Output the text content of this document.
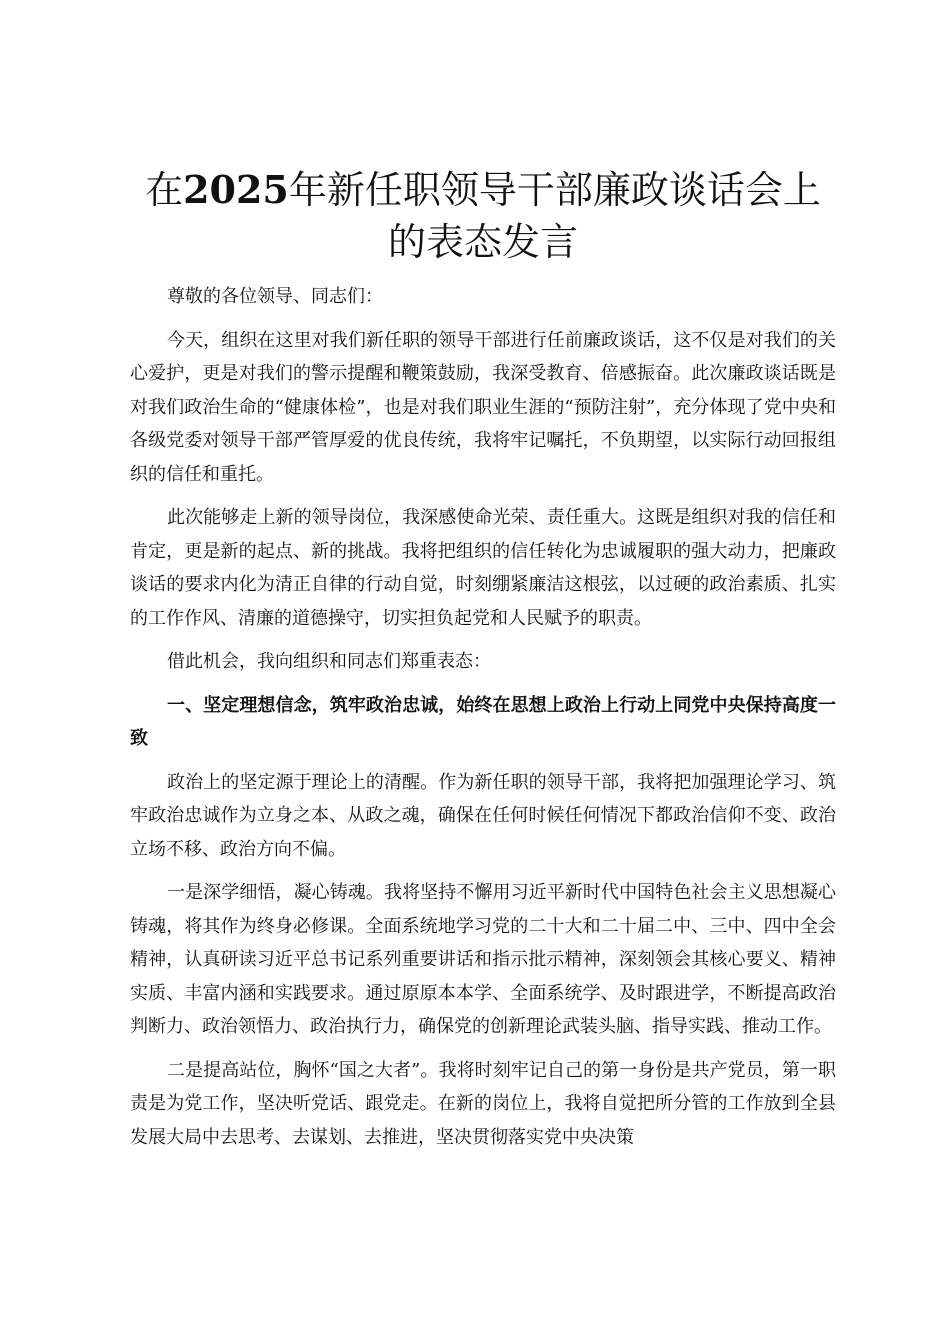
在2025年新任职领导干部廉政谈话会上的表态发言

尊敬的各位领导、同志们：

今天，组织在这里对我们新任职的领导干部进行任前廉政谈话，这不仅是对我们的关心爱护，更是对我们的警示提醒和鞭策鼓励，我深受教育、倍感振奋。此次廉政谈话既是对我们政治生命的“健康体检”，也是对我们职业生涯的“预防注射”，充分体现了党中央和各级党委对领导干部严管厚爱的优良传统，我将牢记嘱托，不负期望，以实际行动回报组织的信任和重托。

此次能够走上新的领导岗位，我深感使命光荣、责任重大。这既是组织对我的信任和肯定，更是新的起点、新的挑战。我将把组织的信任转化为忠诚履职的强大动力，把廉政谈话的要求内化为清正自律的行动自觉，时刻绷紧廉洁这根弦，以过硬的政治素质、扎实的工作作风、清廉的道德操守，切实担负起党和人民赋予的职责。

借此机会，我向组织和同志们郑重表态：

一、坚定理想信念，筑牢政治忠诚，始终在思想上政治上行动上同党中央保持高度一致

政治上的坚定源于理论上的清醒。作为新任职的领导干部，我将把加强理论学习、筑牢政治忠诚作为立身之本、从政之魂，确保在任何时候任何情况下都政治信仰不变、政治立场不移、政治方向不偏。

一是深学细悟，凝心铸魂。我将坚持不懈用习近平新时代中国特色社会主义思想凝心铸魂，将其作为终身必修课。全面系统地学习党的二十大和二十届二中、三中、四中全会精神，认真研读习近平总书记系列重要讲话和指示批示精神，深刻领会其核心要义、精神实质、丰富内涵和实践要求。通过原原本本学、全面系统学、及时跟进学，不断提高政治判断力、政治领悟力、政治执行力，确保党的创新理论武装头脑、指导实践、推动工作。

二是提高站位，胸怀“国之大者”。我将时刻牢记自己的第一身份是共产党员，第一职责是为党工作，坚决听党话、跟党走。在新的岗位上，我将自觉把所分管的工作放到全县发展大局中去思考、去谋划、去推进，坚决贯彻落实党中央决策
